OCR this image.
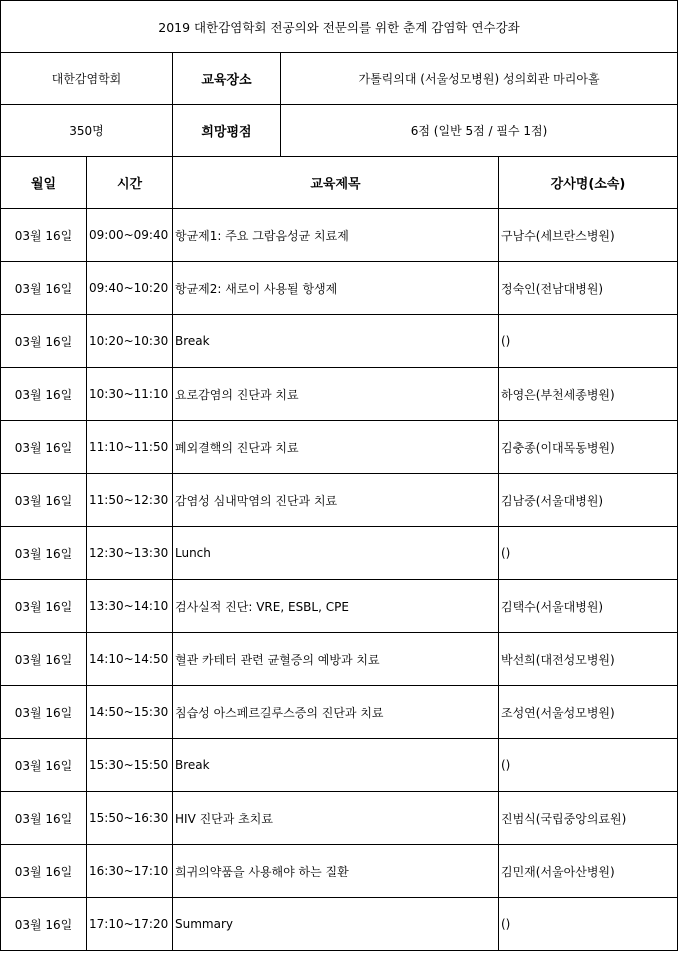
2019 대한감염학회 전공의와 전문의를 위한 춘계 감염학 연수강좌				
대한감염학회		교육장소	가톨릭의대 (서울성모병원) 성의회관 마리아홀	
350명		희망평점	6점 (일반 5점 / 필수 1점)	
월일	시간	교육제목		강사명(소속)
03월 16일	09:00~09:40	항균제1: 주요 그람음성균 치료제		구남수(세브란스병원)
03월 16일	09:40~10:20	항균제2: 새로이 사용될 항생제		정숙인(전남대병원)
03월 16일	10:20~10:30	Break		()
03월 16일	10:30~11:10	요로감염의 진단과 치료		하영은(부천세종병원)
03월 16일	11:10~11:50	폐외결핵의 진단과 치료		김충종(이대목동병원)
03월 16일	11:50~12:30	감염성 심내막염의 진단과 치료		김남중(서울대병원)
03월 16일	12:30~13:30	Lunch		()
03월 16일	13:30~14:10	검사실적 진단: VRE, ESBL, CPE		김택수(서울대병원)
03월 16일	14:10~14:50	혈관 카테터 관련 균혈증의 예방과 치료		박선희(대전성모병원)
03월 16일	14:50~15:30	침습성 아스페르길루스증의 진단과 치료		조성연(서울성모병원)
03월 16일	15:30~15:50	Break		()
03월 16일	15:50~16:30	HIV 진단과 초치료		진범식(국립중앙의료원)
03월 16일	16:30~17:10	희귀의약품을 사용해야 하는 질환		김민재(서울아산병원)
03월 16일	17:10~17:20	Summary		()
